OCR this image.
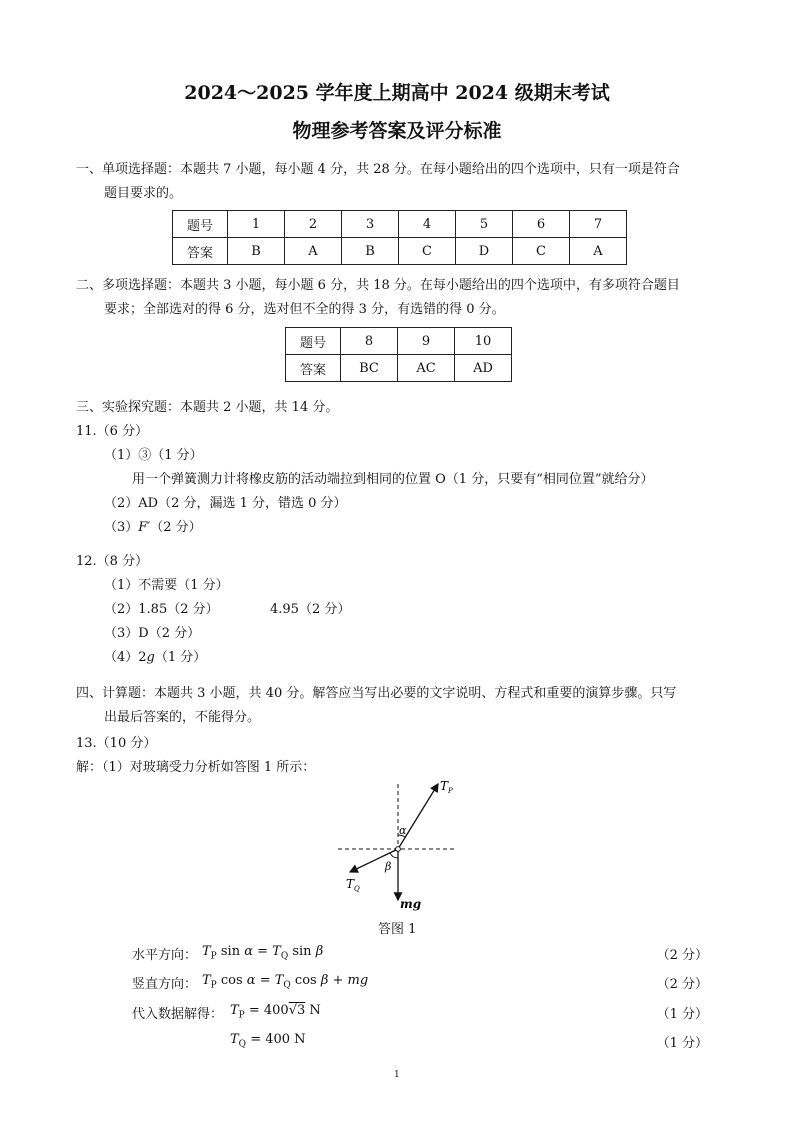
2024～2025 学年度上期高中 2024 级期末考试
物理参考答案及评分标准
一、单项选择题：本题共 7 小题，每小题 4 分，共 28 分。在每小题给出的四个选项中，只有一项是符合
题目要求的。
题号	1	2	3	4	5	6	7
答案	B	A	B	C	D	C	A
二、多项选择题：本题共 3 小题，每小题 6 分，共 18 分。在每小题给出的四个选项中，有多项符合题目
要求；全部选对的得 6 分，选对但不全的得 3 分，有选错的得 0 分。
题号	8	9	10
答案	BC	AC	AD
三、实验探究题：本题共 2 小题，共 14 分。
11.（6 分）
（1）③（1 分）
用一个弹簧测力计将橡皮筋的活动端拉到相同的位置 O（1 分，只要有“相同位置”就给分）
（2）AD（2 分，漏选 1 分，错选 0 分）
（3）F′（2 分）
12.（8 分）
（1）不需要（1 分）
（2）1.85（2 分）	4.95（2 分）
（3）D（2 分）
（4）2g（1 分）
四、计算题：本题共 3 小题，共 40 分。解答应当写出必要的文字说明、方程式和重要的演算步骤。只写
出最后答案的，不能得分。
13.（10 分）
解：（1）对玻璃受力分析如答图 1 所示：
$T_P$
$T_Q$
mg
α
β
答图 1
水平方向： $T_P$ $\sin \alpha = T_Q$ sin β	（2 分）
竖直方向： $T_P$ $\cos \alpha = T_Q$ cos β + mg	（2 分）
代入数据解得： $T_P = 400√3$ N	（1 分）
$T_Q = 400$ N	（1 分）
1
